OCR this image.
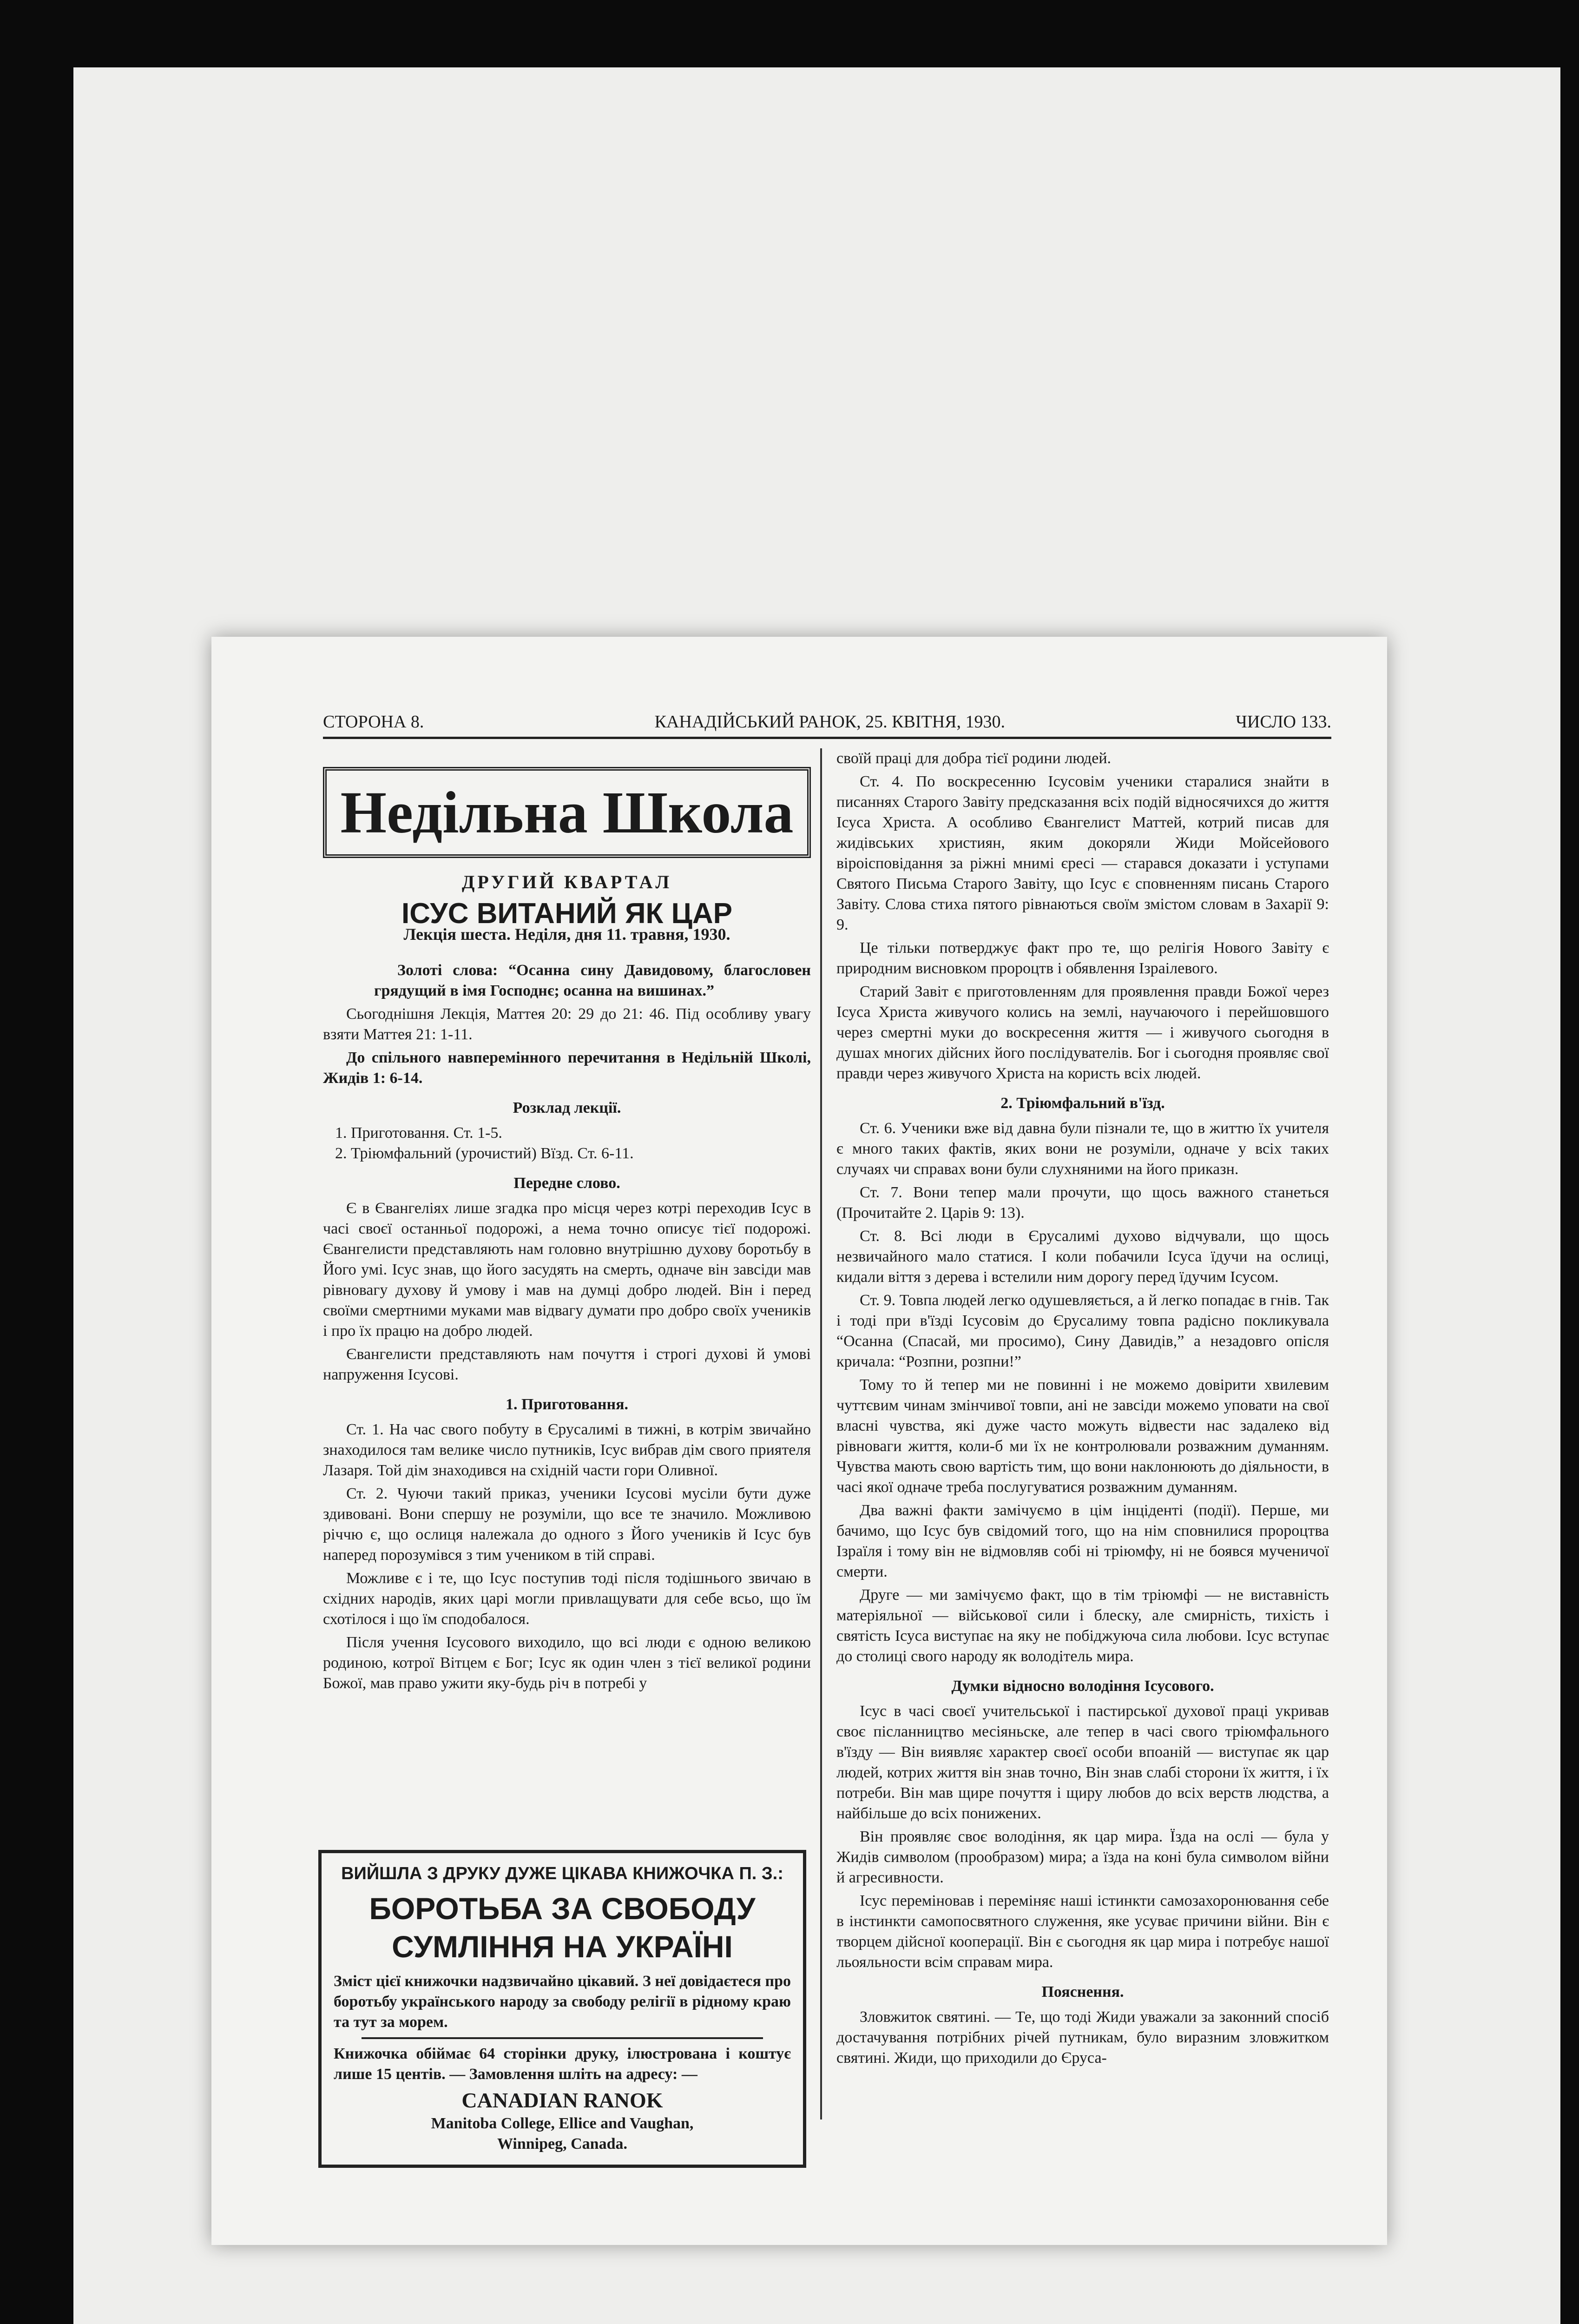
СТОРОНА 8.	КАНАДІЙСЬКИЙ РАНОК, 25. КВІТНЯ, 1930.	ЧИСЛО 133.
Недільна Школа
ДРУГИЙ КВАРТАЛ
ІСУС ВИТАНИЙ ЯК ЦАР
Лекція шеста. Неділя, дня 11. травня, 1930.

Золоті слова: “Осанна сину Давидовому, благословен грядущий в імя Господнє; осанна на вишинах.”

Сьогоднішня Лекція, Маттея 20: 29 до 21: 46. Під особливу увагу взяти Маттея 21: 1-11.

До спільного навперемінного перечитання в Недільній Школі, Жидів 1: 6-14.

Розклад лекції.
1. Приготовання. Ст. 1-5.
2. Тріюмфальний (урочистий) Вїзд. Ст. 6-11.
Передне слово.

Є в Євангеліях лише згадка про місця через котрі переходив Ісус в часі своєї останньої подорожі, а нема точно описує тієї подорожі. Євангелисти представляють нам головно внутрішню духову боротьбу в Його умі. Ісус знав, що його засудять на смерть, одначе він завсіди мав рівновагу духову й умову і мав на думці добро людей. Він і перед своїми смертними муками мав відвагу думати про добро своїх учеників і про їх працю на добро людей.

Євангелисти представляють нам почуття і строгі духові й умові напруження Ісусові.

1. Приготовання.

Ст. 1. На час свого побуту в Єрусалимі в тижні, в котрім звичайно знаходилося там велике число путників, Ісус вибрав дім свого приятеля Лазаря. Той дім знаходився на східній части гори Оливної.

Ст. 2. Чуючи такий приказ, ученики Ісусові мусіли бути дуже здивовані. Вони спершу не розуміли, що все те значило. Можливою річчю є, що ослиця належала до одного з Його учеників й Ісус був наперед порозумівся з тим учеником в тій справі.

Можливе є і те, що Ісус поступив тоді після тодішнього звичаю в східних народів, яких царі могли привлащувати для себе всьо, що їм схотілося і що їм сподобалося.

Після учення Ісусового виходило, що всі люди є одною великою родиною, котрої Вітцем є Бог; Ісус як один член з тієї великої родини Божої, мав право ужити яку-будь річ в потребі у

ВИЙШЛА З ДРУКУ ДУЖЕ ЦІКАВА КНИЖОЧКА П. З.:
БОРОТЬБА ЗА СВОБОДУ СУМЛІННЯ НА УКРАЇНІ
Зміст цієї книжочки надзвичайно цікавий. З неї довідаєтеся про боротьбу українського народу за свободу релігії в рідному краю та тут за морем.
Книжочка обіймає 64 сторінки друку, ілюстрована і коштує лише 15 центів. — Замовлення шліть на адресу: —
CANADIAN RANOK
Manitoba College, Ellice and Vaughan,
Winnipeg, Canada.

своїй праці для добра тієї родини людей.

Ст. 4. По воскресенню Ісусовім ученики старалися знайти в писаннях Старого Завіту предсказання всіх подій відносячихся до життя Ісуса Христа. А особливо Євангелист Маттей, котрий писав для жидівських християн, яким докоряли Жиди Мойсейового віроісповідання за ріжні мнимі єресі — старався доказати і уступами Святого Письма Старого Завіту, що Ісус є сповненням писань Старого Завіту. Слова стиха пятого рівнаються своїм змістом словам в Захарії 9: 9.

Це тільки потверджує факт про те, що релігія Нового Завіту є природним висновком пророцтв і обявлення Ізраілевого.

Старий Завіт є приготовленням для проявлення правди Божої через Ісуса Христа живучого колись на землі, научаючого і перейшовшого через смертні муки до воскресення життя — і живучого сьогодня в душах многих дійсних його послідувателів. Бог і сьогодня проявляє свої правди через живучого Христа на користь всіх людей.

2. Тріюмфальний в'їзд.

Ст. 6. Ученики вже від давна були пізнали те, що в життю їх учителя є много таких фактів, яких вони не розуміли, одначе у всіх таких случаях чи справах вони були слухняними на його приказн.

Ст. 7. Вони тепер мали прочути, що щось важного станеться (Прочитайте 2. Царів 9: 13).

Ст. 8. Всі люди в Єрусалимі духово відчували, що щось незвичайного мало статися. І коли побачили Ісуса їдучи на ослиці, кидали віття з дерева і встелили ним дорогу перед їдучим Ісусом.

Ст. 9. Товпа людей легко одушевляється, а й легко попадає в гнів. Так і тоді при в'їзді Ісусовім до Єрусалиму товпа радісно покликувала “Осанна (Спасай, ми просимо), Сину Давидів,” а незадовго опісля кричала: “Розпни, розпни!”

Тому то й тепер ми не повинні і не можемо довірити хвилевим чуттєвим чинам змінчивої товпи, ані не завсіди можемо уповати на свої власні чувства, які дуже часто можуть відвести нас задалеко від рівноваги життя, коли-б ми їх не контролювали розважним думанням. Чувства мають свою вартість тим, що вони наклонюють до діяльности, в часі якої одначе треба послугуватися розважним думанням.

Два важні факти замічуємо в цім інціденті (події). Перше, ми бачимо, що Ісус був свідомий того, що на нім сповнилися пророцтва Ізраїля і тому він не відмовляв собі ні тріюмфу, ні не боявся мученичої смерти.

Друге — ми замічуємо факт, що в тім тріюмфі — не виставність матеріяльної — військової сили і блеску, але смирність, тихість і святість Ісуса виступає на яку не побіджуюча сила любови. Ісус вступає до столиці свого народу як володітель мира.

Думки відносно володіння Ісусового.

Ісус в часі своєї учительської і пастирської духової праці укривав своє післанництво месіяньске, але тепер в часі свого тріюмфального в'їзду — Він виявляє характер своєї особи впоаній — виступає як цар людей, котрих життя він знав точно, Він знав слабі сторони їх життя, і їх потреби. Він мав щире почуття і щиру любов до всіх верств людства, а найбільше до всіх понижених.

Він проявляє своє володіння, як цар мира. Їзда на ослі — була у Жидів символом (прообразом) мира; а їзда на коні була символом війни й агресивности.

Ісус переміновав і переміняє наші істинкти самозахоронювання себе в інстинкти самопосвятного служення, яке усуває причини війни. Він є творцем дійсної кооперації. Він є сьогодня як цар мира і потребує нашої льояльности всім справам мира.

Пояснення.

Зловжиток святині. — Те, що тоді Жиди уважали за законний спосіб достачування потрібних річей путникам, було виразним зловжитком святині. Жиди, що приходили до Єруса-
